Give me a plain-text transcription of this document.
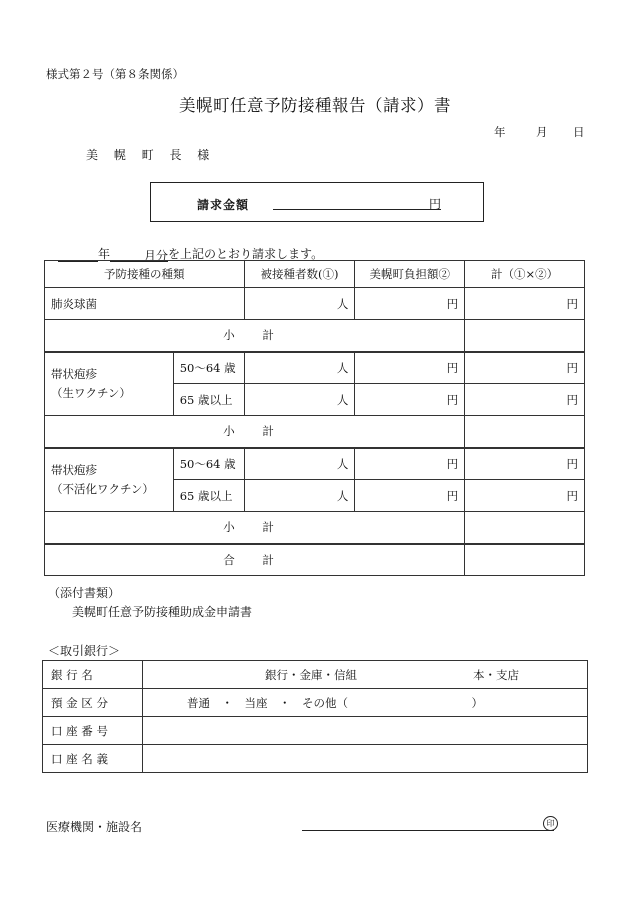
様式第２号（第８条関係）
美幌町任意予防接種報告（請求）書
年	月 日
美 幌 町 長 様
請求金額	円
年	月分を上記のとおり請求します。
予防接種の種類		被接種者数(①)	美幌町負担額②	計（①×②）
肺炎球菌		人	円	円
小 計				
帯状疱疹
（生ワクチン）	50～64 歳	人	円	円
	65 歳以上	人	円	円
小 計				
帯状疱疹
（不活化ワクチン）	50～64 歳	人	円	円
	65 歳以上	人	円	円
小 計				
合 計				
（添付書類）
美幌町任意予防接種助成金申請書
＜取引銀行＞
銀 行 名	銀行・金庫・信組 本・支店

預 金 区 分	普通　・　当座　・　その他（ ）

口 座 番 号	
口 座 名 義	
医療機関・施設名	印
